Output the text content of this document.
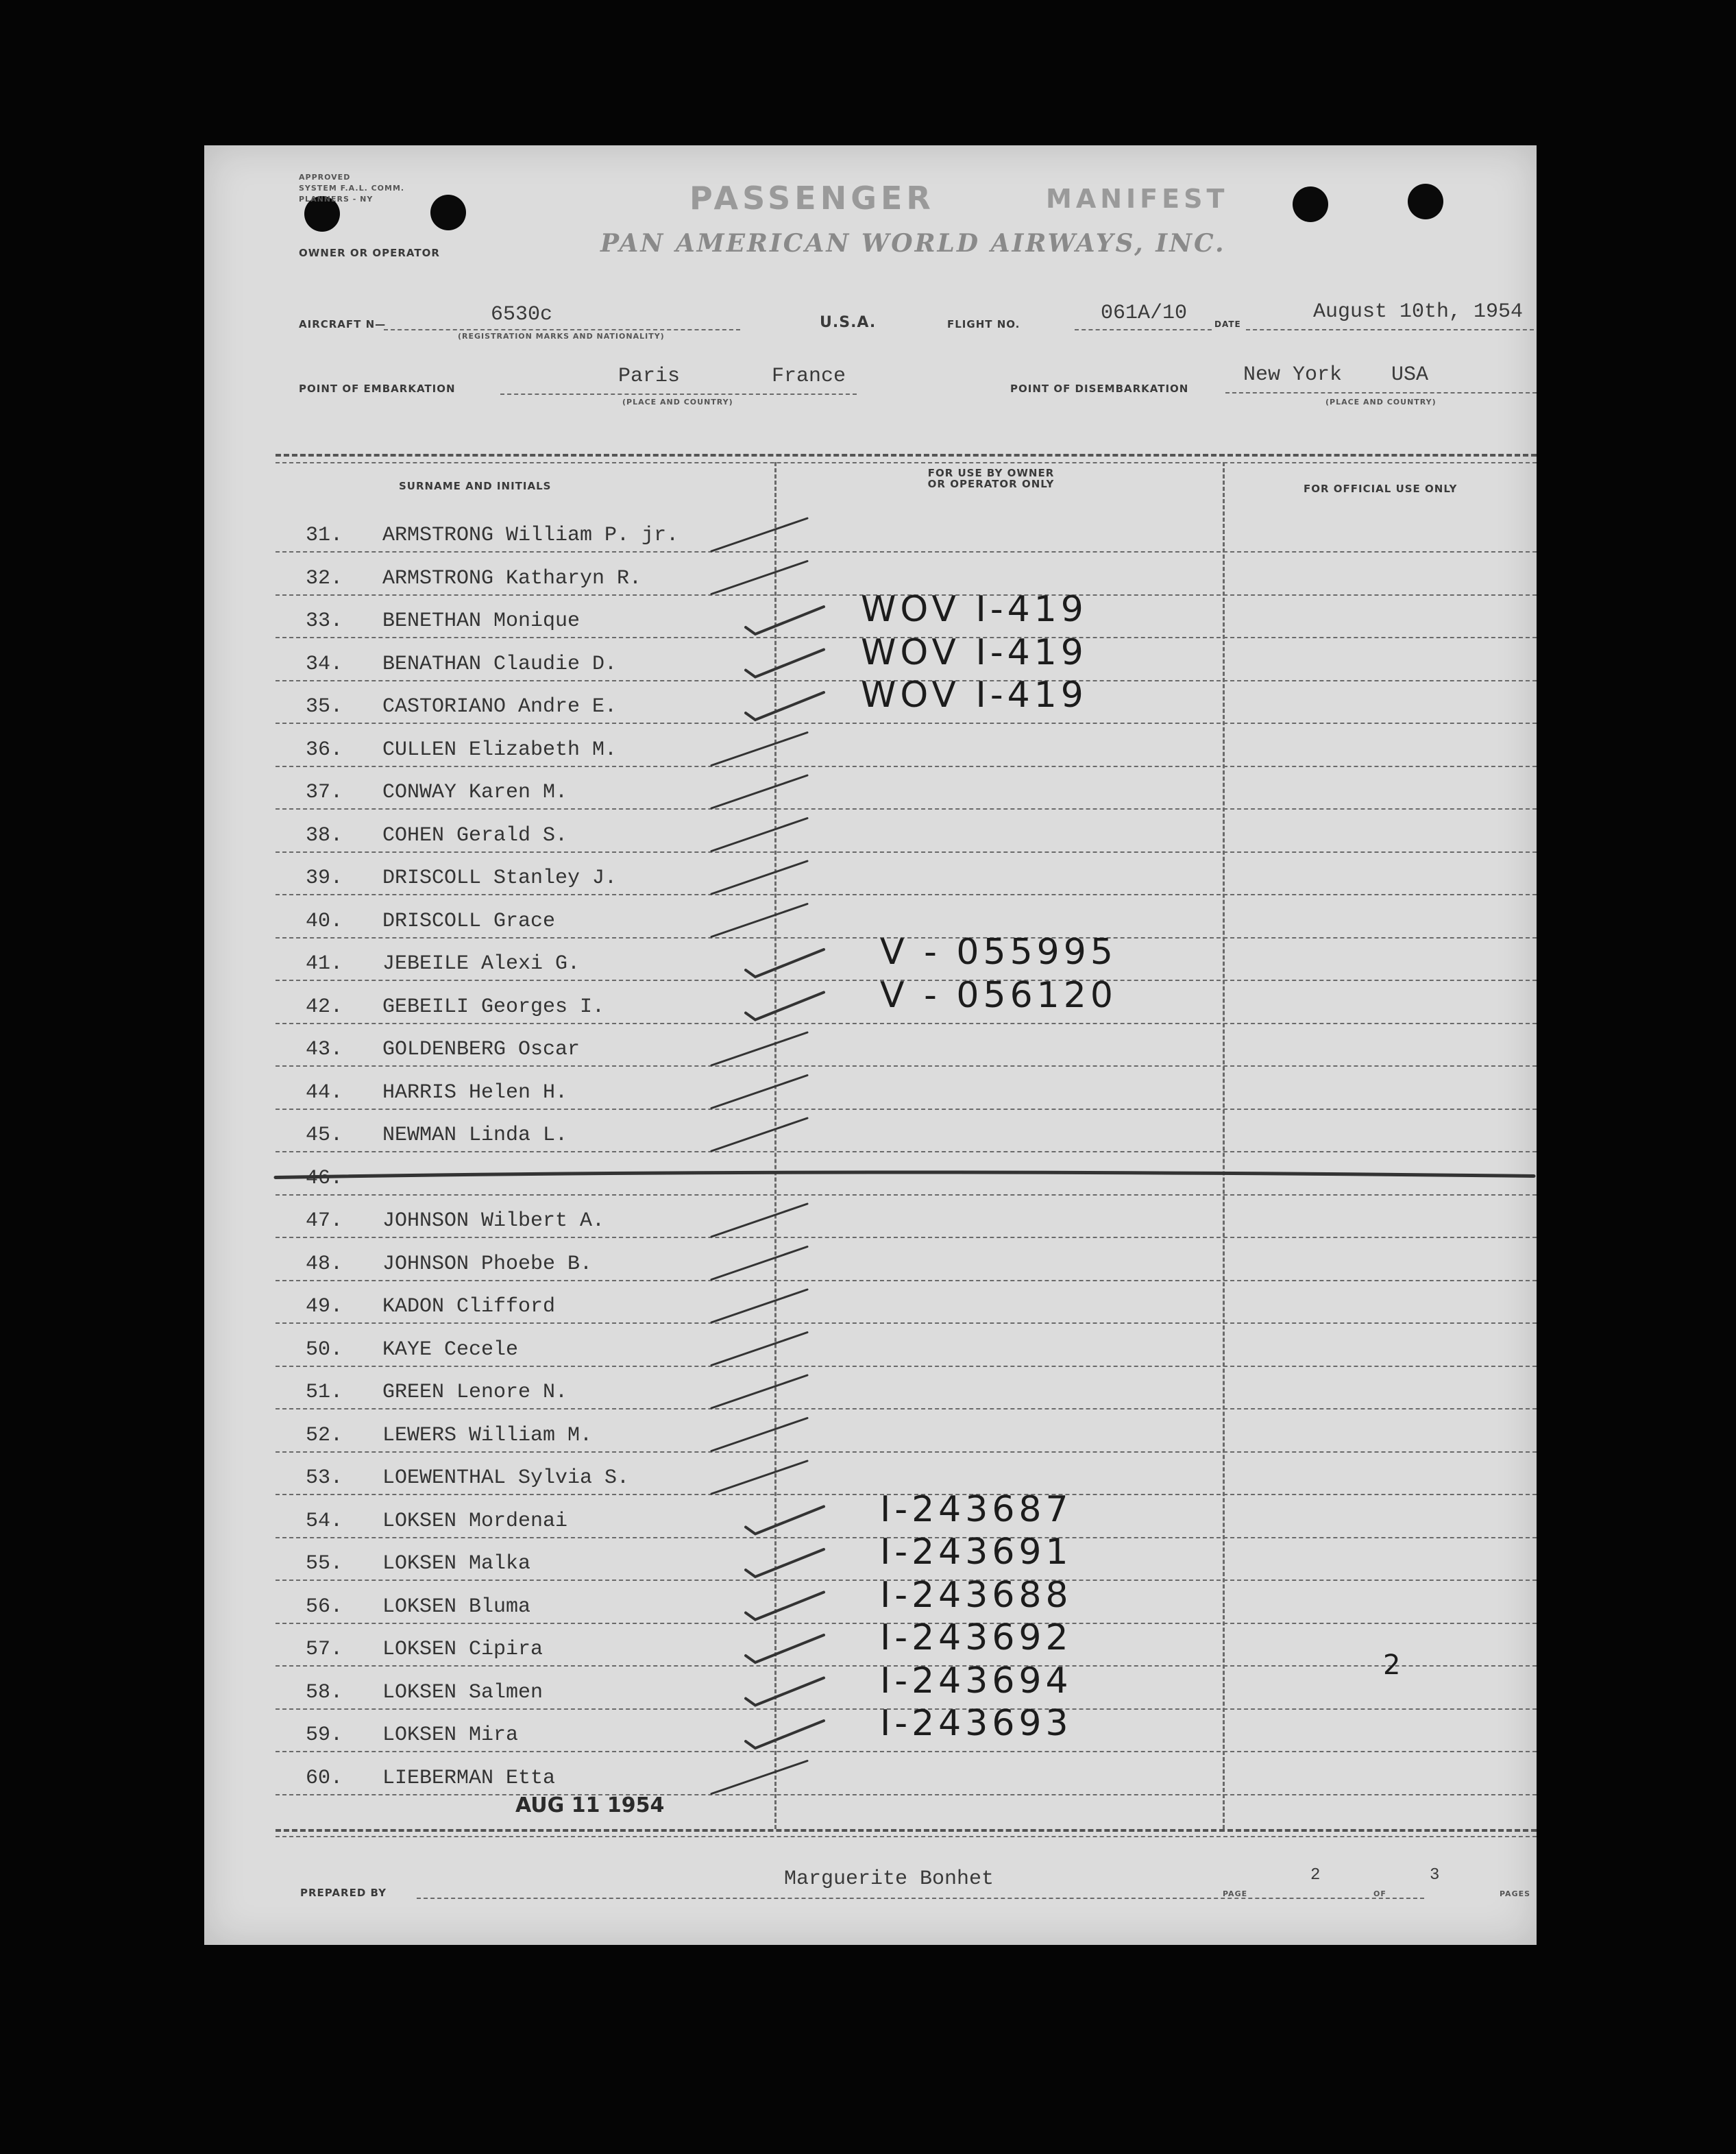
APPROVED
SYSTEM F.A.L. COMM.
PLANNERS - NY	PASSENGER	MANIFEST
PAN AMERICAN WORLD AIRWAYS, INC.
OWNER OR OPERATOR
AIRCRAFT N—	6530c
(REGISTRATION MARKS AND NATIONALITY)
U.S.A.	FLIGHT NO.	061A/10	DATE
August 10th, 1954
POINT OF EMBARKATION
Paris	France
(PLACE AND COUNTRY)
POINT OF DISEMBARKATION
New York USA
(PLACE AND COUNTRY)
SURNAME AND INITIALS
FOR USE BY OWNER OR OPERATOR ONLY	FOR OFFICIAL USE ONLY
31. ARMSTRONG William P. jr.
32. ARMSTRONG Katharyn R.
33. BENETHAN Monique	WOV I-419
34. BENATHAN Claudie D.	WOV I-419
35. CASTORIANO Andre E.	WOV I-419
36. CULLEN Elizabeth M.
37. CONWAY Karen M.
38. COHEN Gerald S.
39. DRISCOLL Stanley J.
40. DRISCOLL Grace
41. JEBEILE Alexi G.	V - 055995
42. GEBEILI Georges I.	V - 056120
43. GOLDENBERG Oscar
44. HARRIS Helen H.
45. NEWMAN Linda L.
46.
47. JOHNSON Wilbert A.
48. JOHNSON Phoebe B.
49. KADON Clifford
50. KAYE Cecele
51. GREEN Lenore N.
52. LEWERS William M.
53. LOEWENTHAL Sylvia S.
54. LOKSEN Mordenai	I-243687
55. LOKSEN Malka	I-243691
56. LOKSEN Bluma	I-243688
57. LOKSEN Cipira	I-243692
58. LOKSEN Salmen	I-243694
59. LOKSEN Mira	I-243693
60. LIEBERMAN Etta
2
AUG 11 1954
PREPARED BY
Marguerite Bonhet
PAGE
2
OF
3
PAGES
